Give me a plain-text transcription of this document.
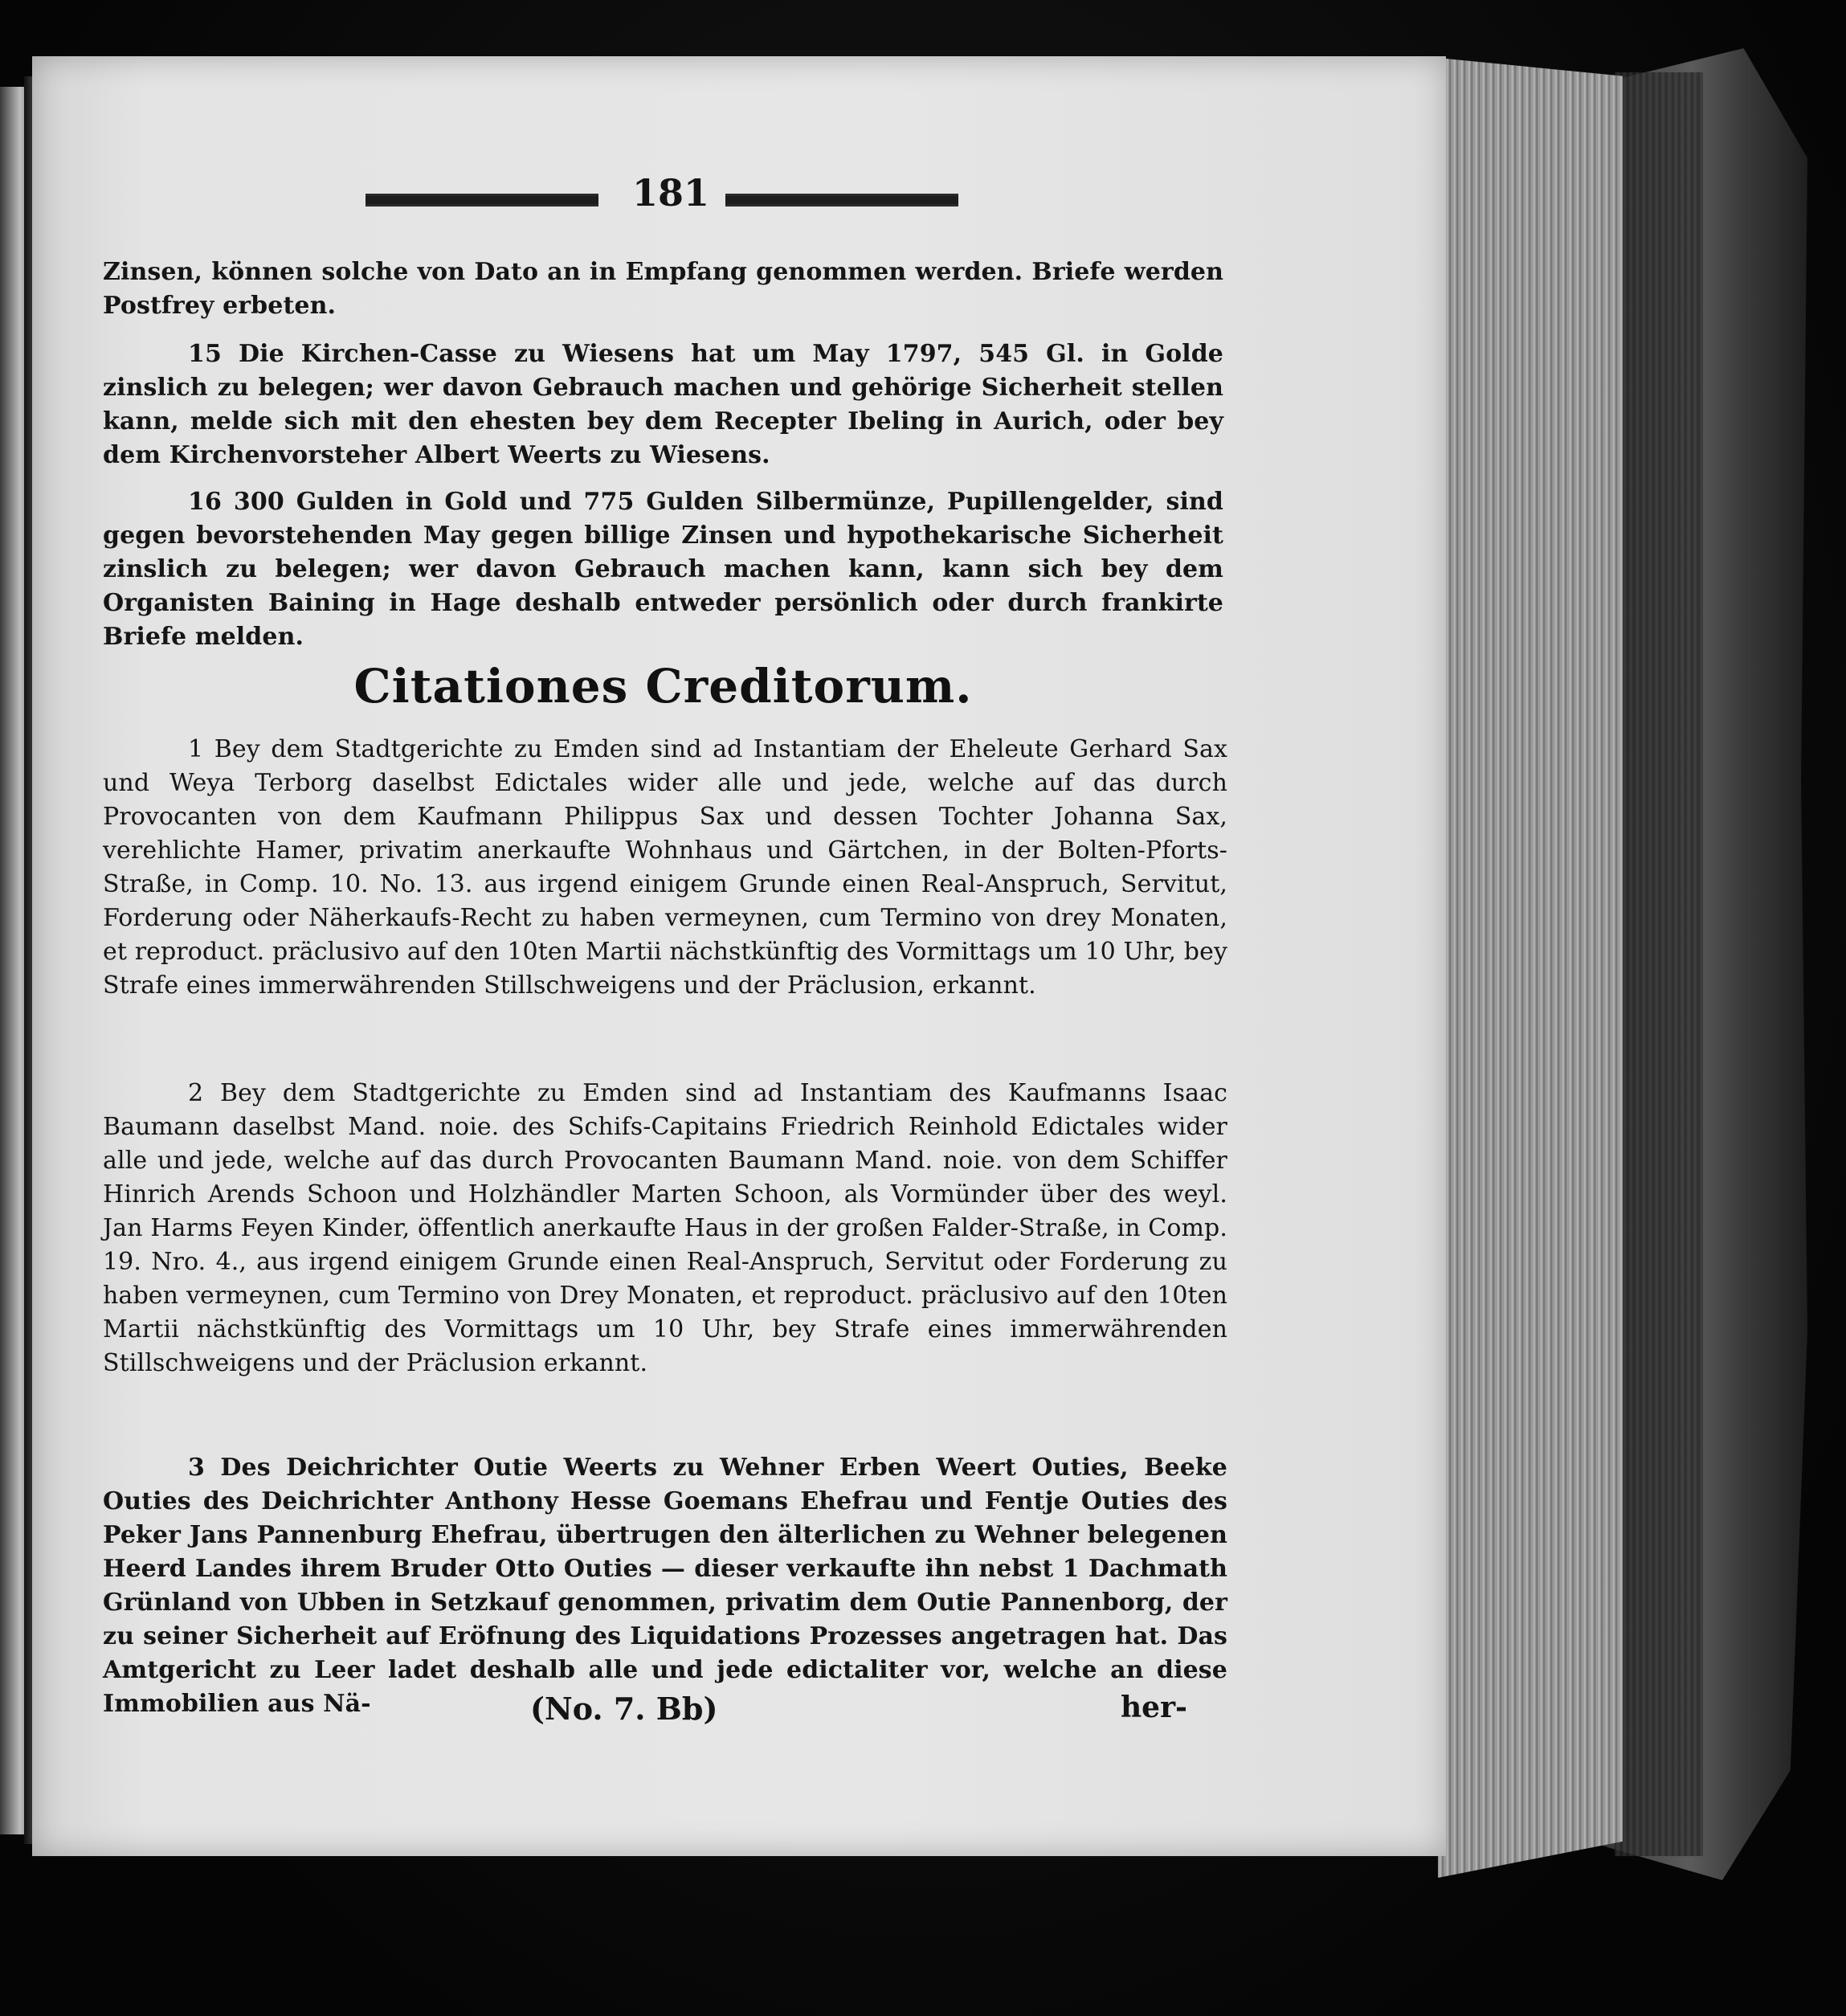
181

Zinsen, können solche von Dato an in Empfang genommen werden. Briefe werden Postfrey erbeten.

15 Die Kirchen-Casse zu Wiesens hat um May 1797, 545 Gl. in Golde zinslich zu belegen; wer davon Gebrauch machen und gehörige Sicherheit stellen kann, melde sich mit den ehesten bey dem Recepter Ibeling in Aurich, oder bey dem Kirchenvorsteher Albert Weerts zu Wiesens.

16 300 Gulden in Gold und 775 Gulden Silbermünze, Pupillengelder, sind gegen bevorstehenden May gegen billige Zinsen und hypothekarische Sicherheit zinslich zu belegen; wer davon Gebrauch machen kann, kann sich bey dem Organisten Baining in Hage deshalb entweder persönlich oder durch frankirte Briefe melden.

Citationes Creditorum.

1 Bey dem Stadtgerichte zu Emden sind ad Instantiam der Eheleute Gerhard Sax und Weya Terborg daselbst Edictales wider alle und jede, welche auf das durch Provocanten von dem Kaufmann Philippus Sax und dessen Tochter Johanna Sax, verehlichte Hamer, privatim anerkaufte Wohnhaus und Gärtchen, in der Bolten-Pforts-Straße, in Comp. 10. No. 13. aus irgend einigem Grunde einen Real-Anspruch, Servitut, Forderung oder Näherkaufs-Recht zu haben vermeynen, cum Termino von drey Monaten, et reproduct. präclusivo auf den 10ten Martii nächstkünftig des Vormittags um 10 Uhr, bey Strafe eines immerwährenden Stillschweigens und der Präclusion, erkannt.

2 Bey dem Stadtgerichte zu Emden sind ad Instantiam des Kaufmanns Isaac Baumann daselbst Mand. noie. des Schifs-Capitains Friedrich Reinhold Edictales wider alle und jede, welche auf das durch Provocanten Baumann Mand. noie. von dem Schiffer Hinrich Arends Schoon und Holzhändler Marten Schoon, als Vormünder über des weyl. Jan Harms Feyen Kinder, öffentlich anerkaufte Haus in der großen Falder-Straße, in Comp. 19. Nro. 4., aus irgend einigem Grunde einen Real-Anspruch, Servitut oder Forderung zu haben vermeynen, cum Termino von Drey Monaten, et reproduct. präclusivo auf den 10ten Martii nächstkünftig des Vormittags um 10 Uhr, bey Strafe eines immerwährenden Stillschweigens und der Präclusion erkannt.

3 Des Deichrichter Outie Weerts zu Wehner Erben Weert Outies, Beeke Outies des Deichrichter Anthony Hesse Goemans Ehefrau und Fentje Outies des Peker Jans Pannenburg Ehefrau, übertrugen den älterlichen zu Wehner belegenen Heerd Landes ihrem Bruder Otto Outies — dieser verkaufte ihn nebst 1 Dachmath Grünland von Ubben in Setzkauf genommen, privatim dem Outie Pannenborg, der zu seiner Sicherheit auf Eröfnung des Liquidations Prozesses angetragen hat. Das Amtgericht zu Leer ladet deshalb alle und jede edictaliter vor, welche an diese Immobilien aus Nä-	(No. 7. Bb)	her-
